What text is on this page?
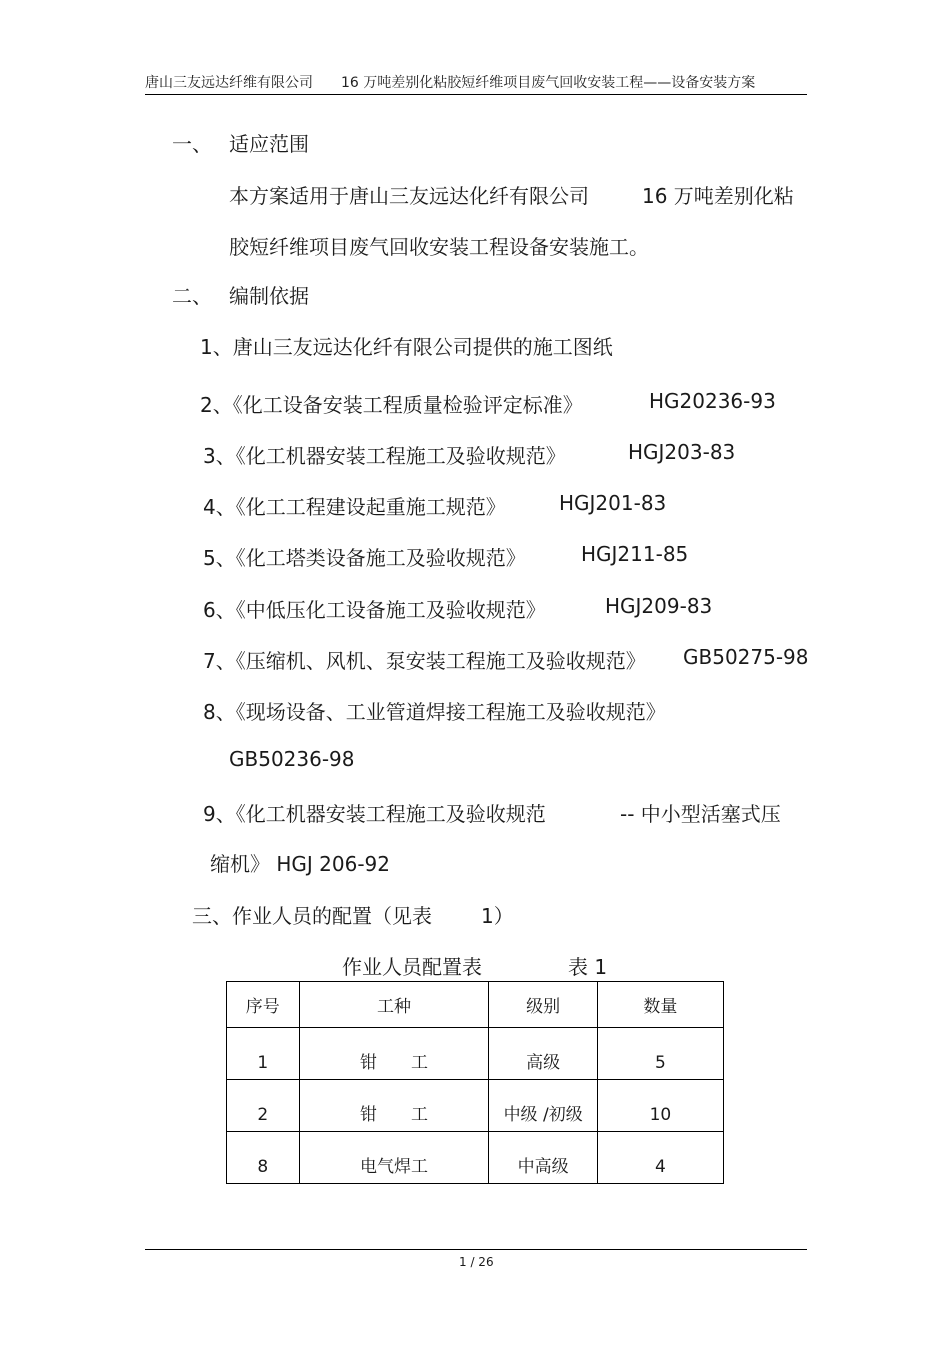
唐山三友远达纤维有限公司 16 万吨差别化粘胶短纤维项目废气回收安装工程——设备安装方案
一、 适应范围
本方案适用于唐山三友远达化纤有限公司	16 万吨差别化粘
胶短纤维项目废气回收安装工程设备安装施工。
二、 编制依据
1、唐山三友远达化纤有限公司提供的施工图纸
2、《化工设备安装工程质量检验评定标准》	HG20236-93
3、《化工机器安装工程施工及验收规范》	HGJ203-83
4、《化工工程建设起重施工规范》	HGJ201-83
5、《化工塔类设备施工及验收规范》	HGJ211-85
6、《中低压化工设备施工及验收规范》	HGJ209-83
7、《压缩机、风机、泵安装工程施工及验收规范》 GB50275-98
8、《现场设备、工业管道焊接工程施工及验收规范》
GB50236-98
9、《化工机器安装工程施工及验收规范	-- 中小型活塞式压
缩机》 HGJ 206-92
三、作业人员的配置（见表 1）
作业人员配置表	表 1
序号	工种	级别	数量
1	钳　　工	高级	5
2	钳　　工	中级 /初级	10
8	电气焊工	中高级	4
1 / 26
